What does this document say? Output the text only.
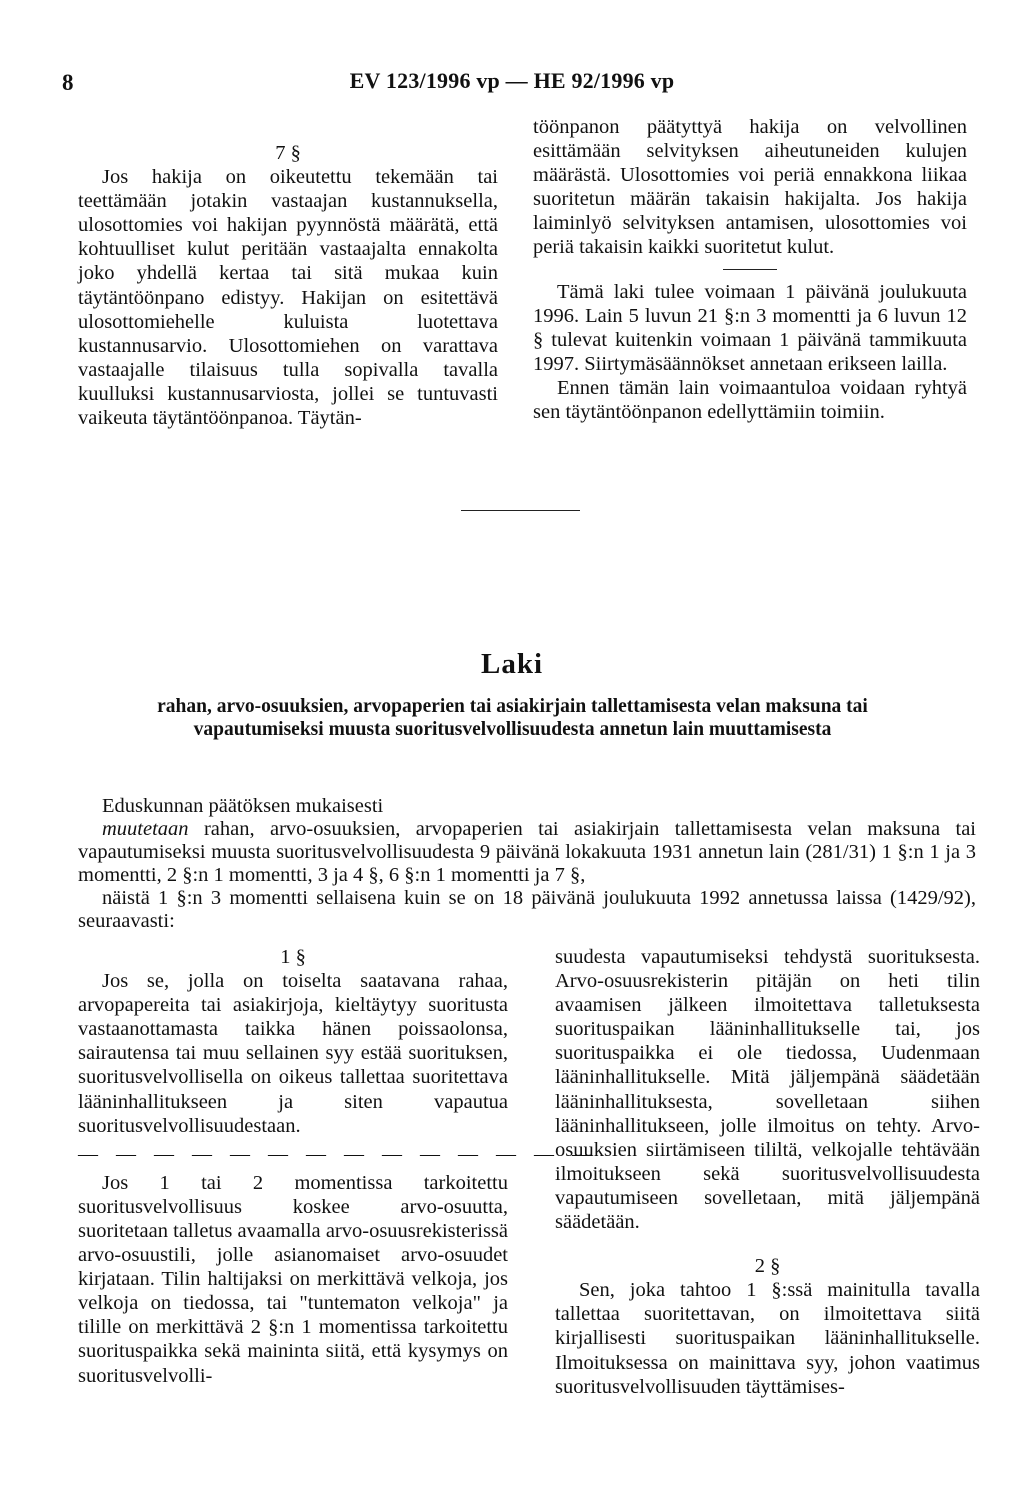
8	EV 123/1996 vp — HE 92/1996 vp

7 §

Jos hakija on oikeutettu tekemään tai teettämään jotakin vastaajan kustannuksella, ulosottomies voi hakijan pyynnöstä määrätä, että kohtuulliset kulut peritään vastaajalta ennakolta joko yhdellä kertaa tai sitä mukaa kuin täytäntöönpano edistyy. Hakijan on esitettävä ulosottomiehelle kuluista luotettava kustannusarvio. Ulosottomiehen on varattava vastaajalle tilaisuus tulla sopivalla tavalla kuulluksi kustannusarviosta, jollei se tuntuvasti vaikeuta täytäntöönpanoa. Täytän-

töönpanon päätyttyä hakija on velvollinen esittämään selvityksen aiheutuneiden kulujen määrästä. Ulosottomies voi periä ennakkona liikaa suoritetun määrän takaisin hakijalta. Jos hakija laiminlyö selvityksen antamisen, ulosottomies voi periä takaisin kaikki suoritetut kulut.

Tämä laki tulee voimaan 1 päivänä joulukuuta 1996. Lain 5 luvun 21 §:n 3 momentti ja 6 luvun 12 § tulevat kuitenkin voimaan 1 päivänä tammikuuta 1997. Siirtymäsäännökset annetaan erikseen lailla.

Ennen tämän lain voimaantuloa voidaan ryhtyä sen täytäntöönpanon edellyttämiin toimiin.

Laki
rahan, arvo-osuuksien, arvopaperien tai asiakirjain tallettamisesta velan maksuna tai vapautumiseksi muusta suoritusvelvollisuudesta annetun lain muuttamisesta

Eduskunnan päätöksen mukaisesti

muutetaan rahan, arvo-osuuksien, arvopaperien tai asiakirjain tallettamisesta velan maksuna tai vapautumiseksi muusta suoritusvelvollisuudesta 9 päivänä lokakuuta 1931 annetun lain (281/31) 1 §:n 1 ja 3 momentti, 2 §:n 1 momentti, 3 ja 4 §, 6 §:n 1 momentti ja 7 §,

näistä 1 §:n 3 momentti sellaisena kuin se on 18 päivänä joulukuuta 1992 annetussa laissa (1429/92), seuraavasti:

1 §

Jos se, jolla on toiselta saatavana rahaa, arvopapereita tai asiakirjoja, kieltäytyy suoritusta vastaanottamasta taikka hänen poissaolonsa, sairautensa tai muu sellainen syy estää suorituksen, suoritusvelvollisella on oikeus tallettaa suoritettava lääninhallitukseen ja siten vapautua suoritusvelvollisuudestaan.

— — — — — — — — — — — — — —

Jos 1 tai 2 momentissa tarkoitettu suoritusvelvollisuus koskee arvo-osuutta, suoritetaan talletus avaamalla arvo-osuusrekisterissä arvo-osuustili, jolle asianomaiset arvo-osuudet kirjataan. Tilin haltijaksi on merkittävä velkoja, jos velkoja on tiedossa, tai "tuntematon velkoja" ja tilille on merkittävä 2 §:n 1 momentissa tarkoitettu suorituspaikka sekä maininta siitä, että kysymys on suoritusvelvolli-

suudesta vapautumiseksi tehdystä suorituksesta. Arvo-osuusrekisterin pitäjän on heti tilin avaamisen jälkeen ilmoitettava talletuksesta suorituspaikan lääninhallitukselle tai, jos suorituspaikka ei ole tiedossa, Uudenmaan lääninhallitukselle. Mitä jäljempänä säädetään lääninhallituksesta, sovelletaan siihen lääninhallitukseen, jolle ilmoitus on tehty. Arvo-osuuksien siirtämiseen tililtä, velkojalle tehtävään ilmoitukseen sekä suoritusvelvollisuudesta vapautumiseen sovelletaan, mitä jäljempänä säädetään.

2 §

Sen, joka tahtoo 1 §:ssä mainitulla tavalla tallettaa suoritettavan, on ilmoitettava siitä kirjallisesti suorituspaikan lääninhallitukselle. Ilmoituksessa on mainittava syy, johon vaatimus suoritusvelvollisuuden täyttämises-
